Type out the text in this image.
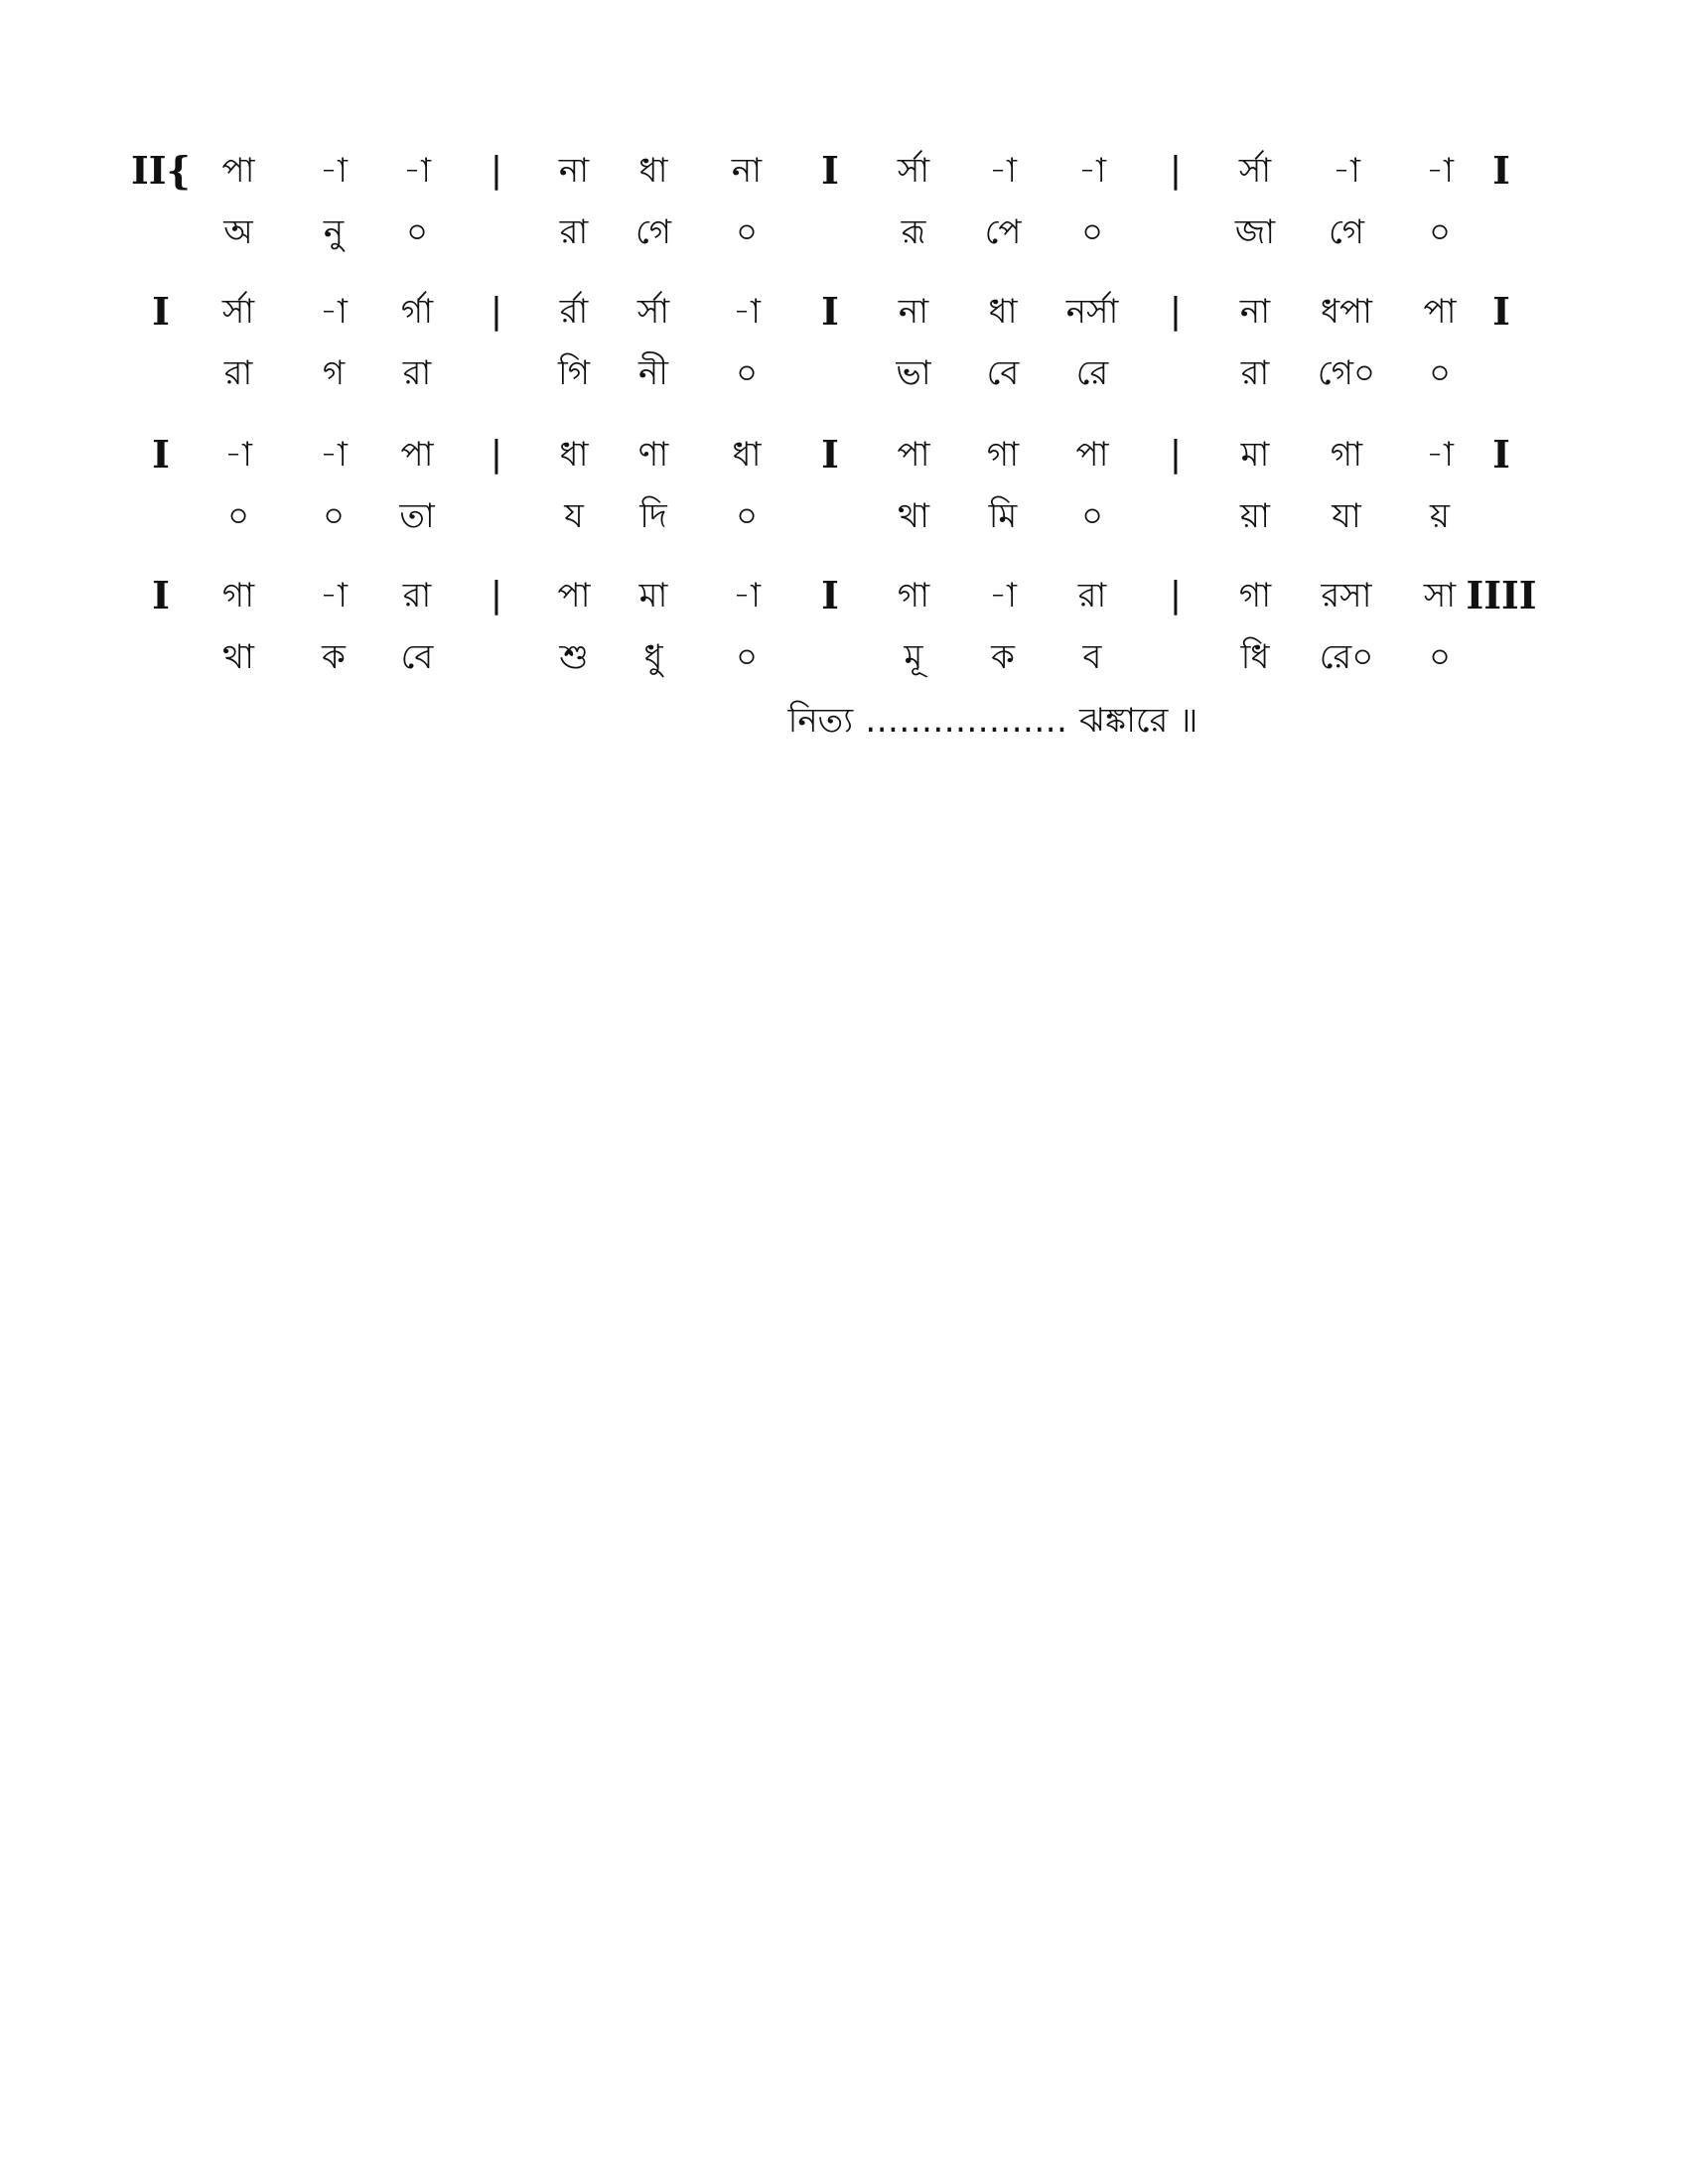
II{ পা -া -া | না ধা না I র্সা -া -া | র্সা -া -া I
অ নু ০	রা গে ০	রূ পে ০	জা গে ০
I র্সা -া র্গা | র্রা র্সা -া I না ধা নর্সা | না ধপা পা I
রা গ রা	গি নী ০	ভা বে রে	রা গে০ ০
I -া -া পা | ধা ণা ধা I পা গা পা | মা গা -া I
০ ০ তা	য দি ০	থা মি ০	য়া যা য়
I গা -া রা | পা মা -া I গা -া রা | গা রসা সা IIII
থা ক বে	শু ধু ০	মূ ক ব	ধি রে০ ০
নিত্য ……………… ঝঙ্কারে ॥
